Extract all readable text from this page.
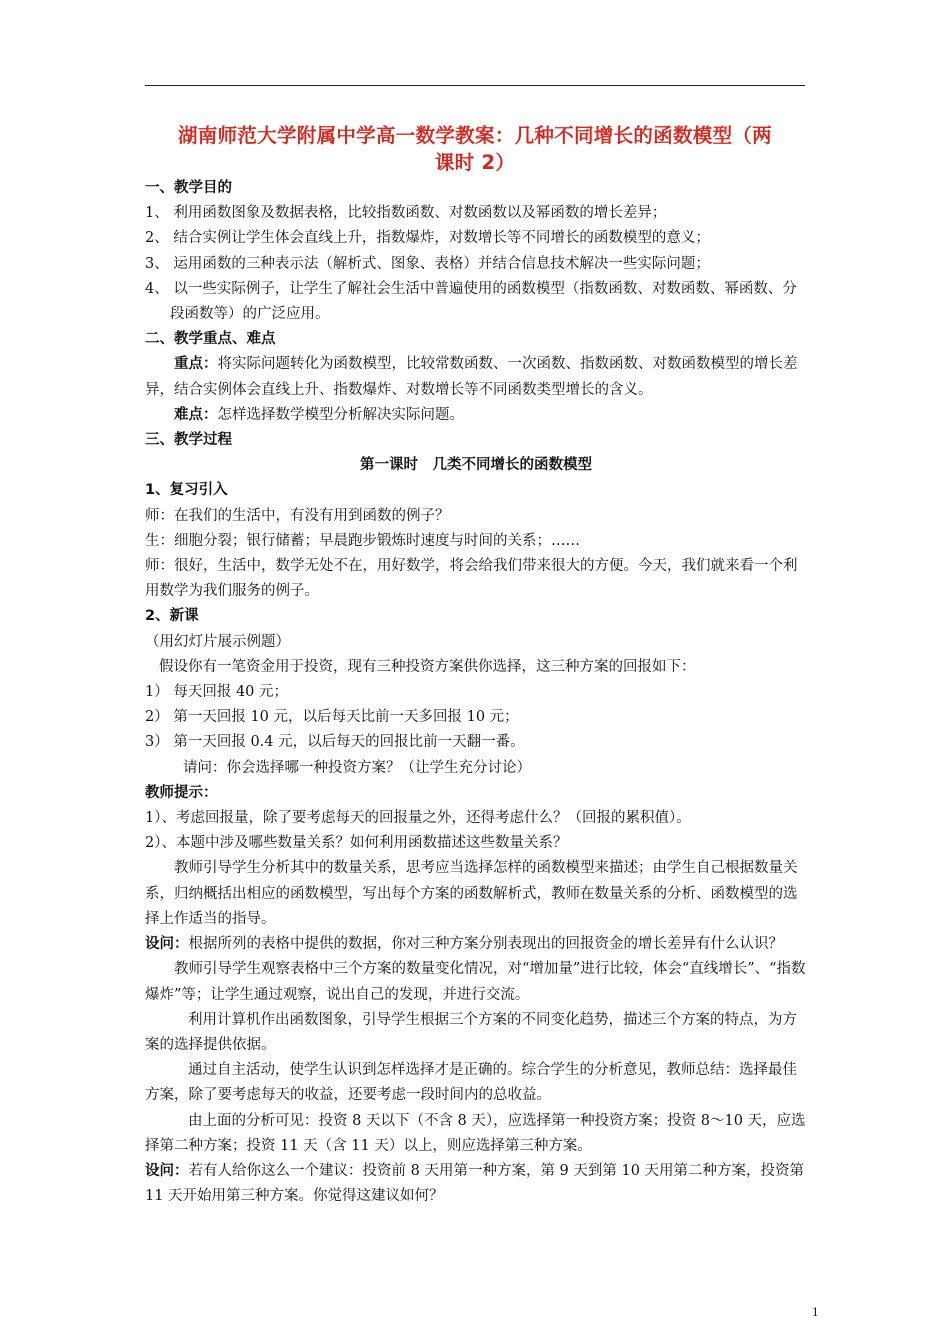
湖南师范大学附属中学高一数学教案：几种不同增长的函数模型（两
课时 2）

一、教学目的

1、 利用函数图象及数据表格，比较指数函数、对数函数以及幂函数的增长差异；

2、 结合实例让学生体会直线上升，指数爆炸，对数增长等不同增长的函数模型的意义；

3、 运用函数的三种表示法（解析式、图象、表格）并结合信息技术解决一些实际问题；

4、 以一些实际例子，让学生了解社会生活中普遍使用的函数模型（指数函数、对数函数、幂函数、分段函数等）的广泛应用。

二、教学重点、难点

重点：将实际问题转化为函数模型，比较常数函数、一次函数、指数函数、对数函数模型的增长差异，结合实例体会直线上升、指数爆炸、对数增长等不同函数类型增长的含义。

难点：怎样选择数学模型分析解决实际问题。

三、教学过程

第一课时　几类不同增长的函数模型

1、复习引入

师：在我们的生活中，有没有用到函数的例子？

生：细胞分裂；银行储蓄；早晨跑步锻炼时速度与时间的关系；……

师：很好，生活中，数学无处不在，用好数学，将会给我们带来很大的方便。今天，我们就来看一个利用数学为我们服务的例子。

2、新课

（用幻灯片展示例题）

假设你有一笔资金用于投资，现有三种投资方案供你选择，这三种方案的回报如下：

1） 每天回报 40 元；

2） 第一天回报 10 元，以后每天比前一天多回报 10 元；

3） 第一天回报 0.4 元，以后每天的回报比前一天翻一番。

请问：你会选择哪一种投资方案？（让学生充分讨论）

教师提示：

1）、考虑回报量，除了要考虑每天的回报量之外，还得考虑什么？（回报的累积值）。

2）、本题中涉及哪些数量关系？如何利用函数描述这些数量关系？

教师引导学生分析其中的数量关系，思考应当选择怎样的函数模型来描述；由学生自己根据数量关系，归纳概括出相应的函数模型，写出每个方案的函数解析式，教师在数量关系的分析、函数模型的选择上作适当的指导。

设问：根据所列的表格中提供的数据，你对三种方案分别表现出的回报资金的增长差异有什么认识？

教师引导学生观察表格中三个方案的数量变化情况，对“增加量”进行比较，体会“直线增长”、“指数爆炸”等；让学生通过观察，说出自己的发现，并进行交流。

利用计算机作出函数图象，引导学生根据三个方案的不同变化趋势，描述三个方案的特点，为方案的选择提供依据。

通过自主活动，使学生认识到怎样选择才是正确的。综合学生的分析意见，教师总结：选择最佳方案，除了要考虑每天的收益，还要考虑一段时间内的总收益。

由上面的分析可见：投资 8 天以下（不含 8 天），应选择第一种投资方案；投资 8～10 天，应选择第二种方案；投资 11 天（含 11 天）以上，则应选择第三种方案。

设问：若有人给你这么一个建议：投资前 8 天用第一种方案，第 9 天到第 10 天用第二种方案，投资第 11 天开始用第三种方案。你觉得这建议如何？

1
